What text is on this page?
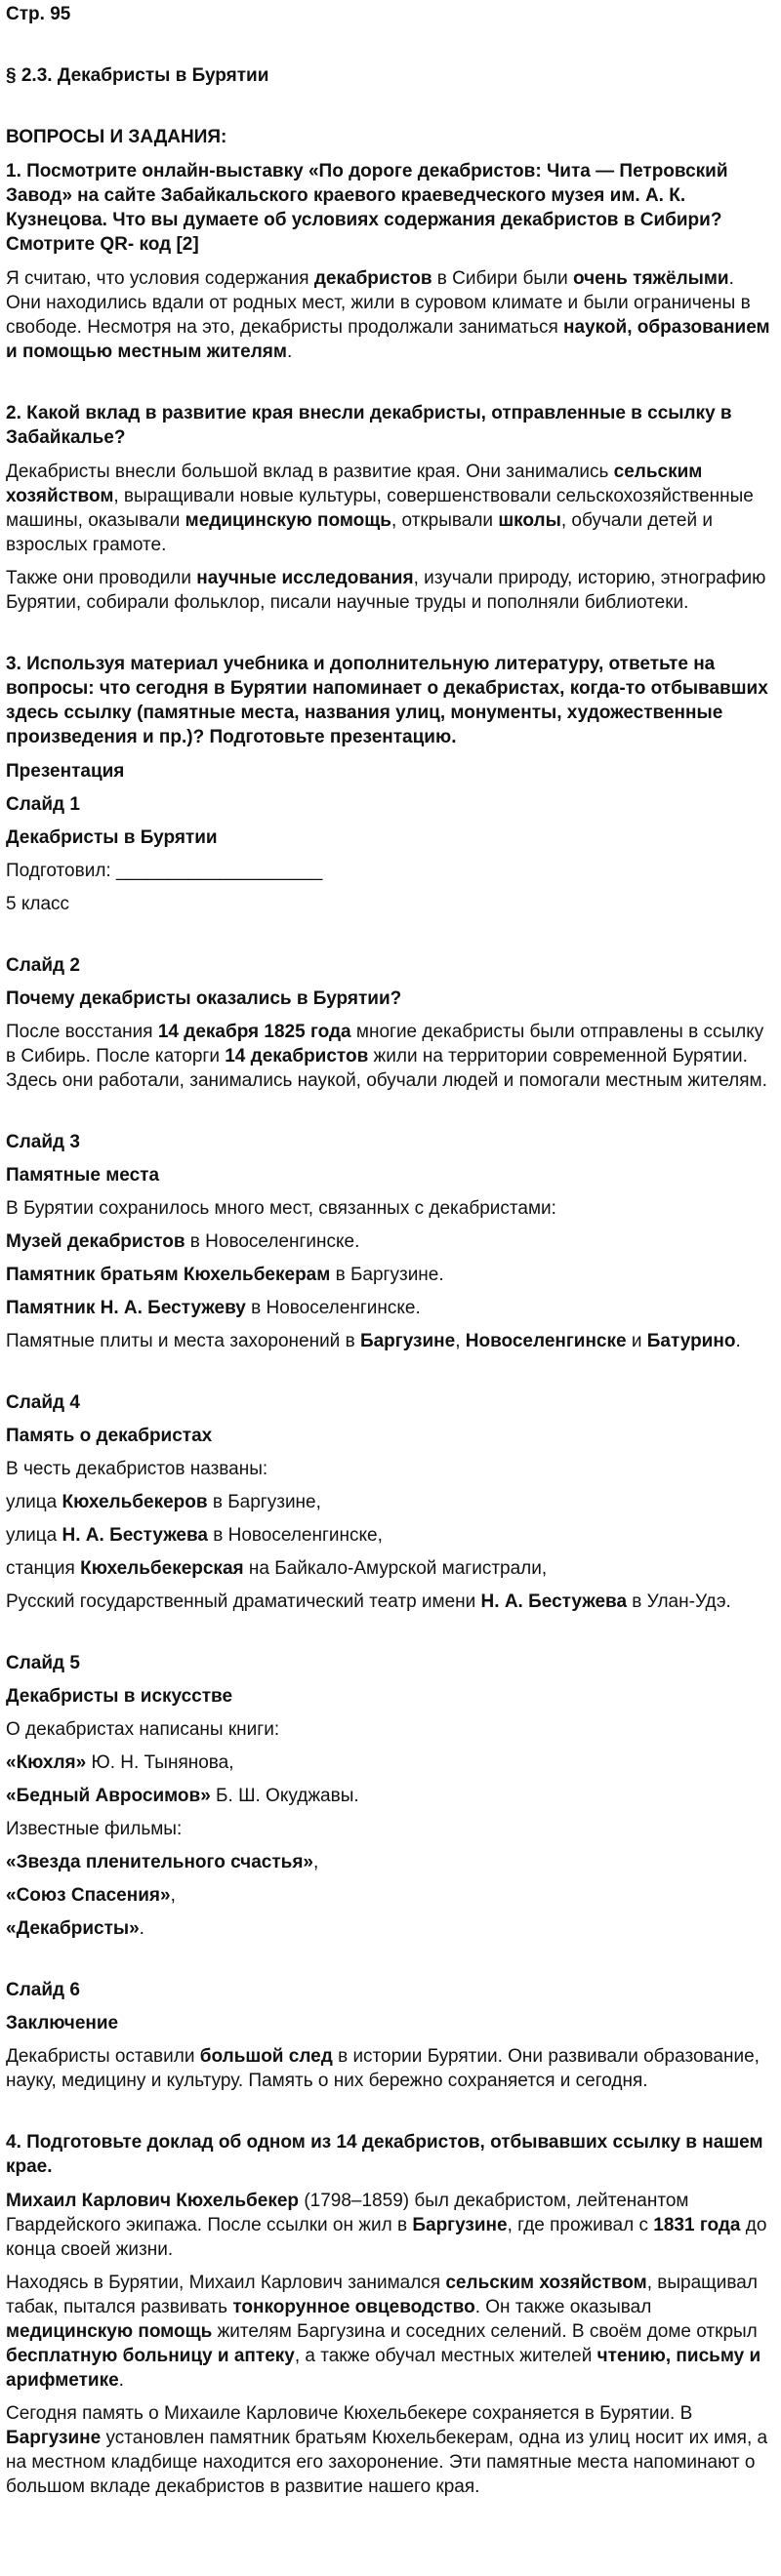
Стр. 95

§ 2.3. Декабристы в Бурятии

ВОПРОСЫ И ЗАДАНИЯ:

1. Посмотрите онлайн-выставку «По дороге декабристов: Чита — Петровский Завод» на сайте Забайкальского краевого краеведческого музея им. А. К. Кузнецова. Что вы думаете об условиях содержания декабристов в Сибири? Смотрите QR- код [2]

Я считаю, что условия содержания декабристов в Сибири были очень тяжёлыми. Они находились вдали от родных мест, жили в суровом климате и были ограничены в свободе. Несмотря на это, декабристы продолжали заниматься наукой, образованием и помощью местным жителям.

2. Какой вклад в развитие края внесли декабристы, отправленные в ссылку в Забайкалье?

Декабристы внесли большой вклад в развитие края. Они занимались сельским хозяйством, выращивали новые культуры, совершенствовали сельскохозяйственные машины, оказывали медицинскую помощь, открывали школы, обучали детей и взрослых грамоте.

Также они проводили научные исследования, изучали природу, историю, этнографию Бурятии, собирали фольклор, писали научные труды и пополняли библиотеки.

3. Используя материал учебника и дополнительную литературу, ответьте на вопросы: что сегодня в Бурятии напоминает о декабристах, когда-то отбывавших здесь ссылку (памятные места, названия улиц, монументы, художественные произведения и пр.)? Подготовьте презентацию.

Презентация

Слайд 1

Декабристы в Бурятии

Подготовил: ____________________

5 класс

Слайд 2

Почему декабристы оказались в Бурятии?

После восстания 14 декабря 1825 года многие декабристы были отправлены в ссылку в Сибирь. После каторги 14 декабристов жили на территории современной Бурятии. Здесь они работали, занимались наукой, обучали людей и помогали местным жителям.

Слайд 3

Памятные места

В Бурятии сохранилось много мест, связанных с декабристами:

Музей декабристов в Новоселенгинске.

Памятник братьям Кюхельбекерам в Баргузине.

Памятник Н. А. Бестужеву в Новоселенгинске.

Памятные плиты и места захоронений в Баргузине, Новоселенгинске и Батурино.

Слайд 4

Память о декабристах

В честь декабристов названы:

улица Кюхельбекеров в Баргузине,

улица Н. А. Бестужева в Новоселенгинске,

станция Кюхельбекерская на Байкало-Амурской магистрали,

Русский государственный драматический театр имени Н. А. Бестужева в Улан-Удэ.

Слайд 5

Декабристы в искусстве

О декабристах написаны книги:

«Кюхля» Ю. Н. Тынянова,

«Бедный Авросимов» Б. Ш. Окуджавы.

Известные фильмы:

«Звезда пленительного счастья»,

«Союз Спасения»,

«Декабристы».

Слайд 6

Заключение

Декабристы оставили большой след в истории Бурятии. Они развивали образование, науку, медицину и культуру. Память о них бережно сохраняется и сегодня.

4. Подготовьте доклад об одном из 14 декабристов, отбывавших ссылку в нашем крае.

Михаил Карлович Кюхельбекер (1798–1859) был декабристом, лейтенантом Гвардейского экипажа. После ссылки он жил в Баргузине, где проживал с 1831 года до конца своей жизни.

Находясь в Бурятии, Михаил Карлович занимался сельским хозяйством, выращивал табак, пытался развивать тонкорунное овцеводство. Он также оказывал медицинскую помощь жителям Баргузина и соседних селений. В своём доме открыл бесплатную больницу и аптеку, а также обучал местных жителей чтению, письму и арифметике.

Сегодня память о Михаиле Карловиче Кюхельбекере сохраняется в Бурятии. В Баргузине установлен памятник братьям Кюхельбекерам, одна из улиц носит их имя, а на местном кладбище находится его захоронение. Эти памятные места напоминают о большом вкладе декабристов в развитие нашего края.
